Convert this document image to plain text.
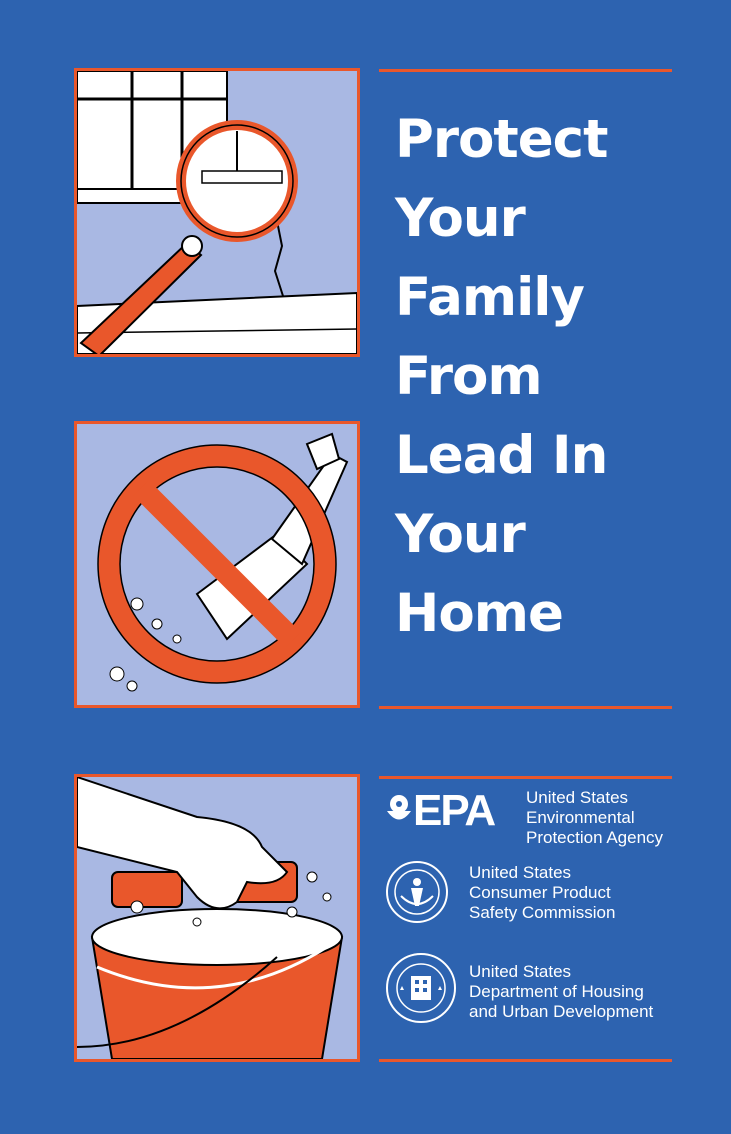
Protect
Your
Family
From
Lead In
Your
Home
EPA United States
Environmental
Protection Agency
United States
Consumer Product
Safety Commission
United States
Department of Housing
and Urban Development
